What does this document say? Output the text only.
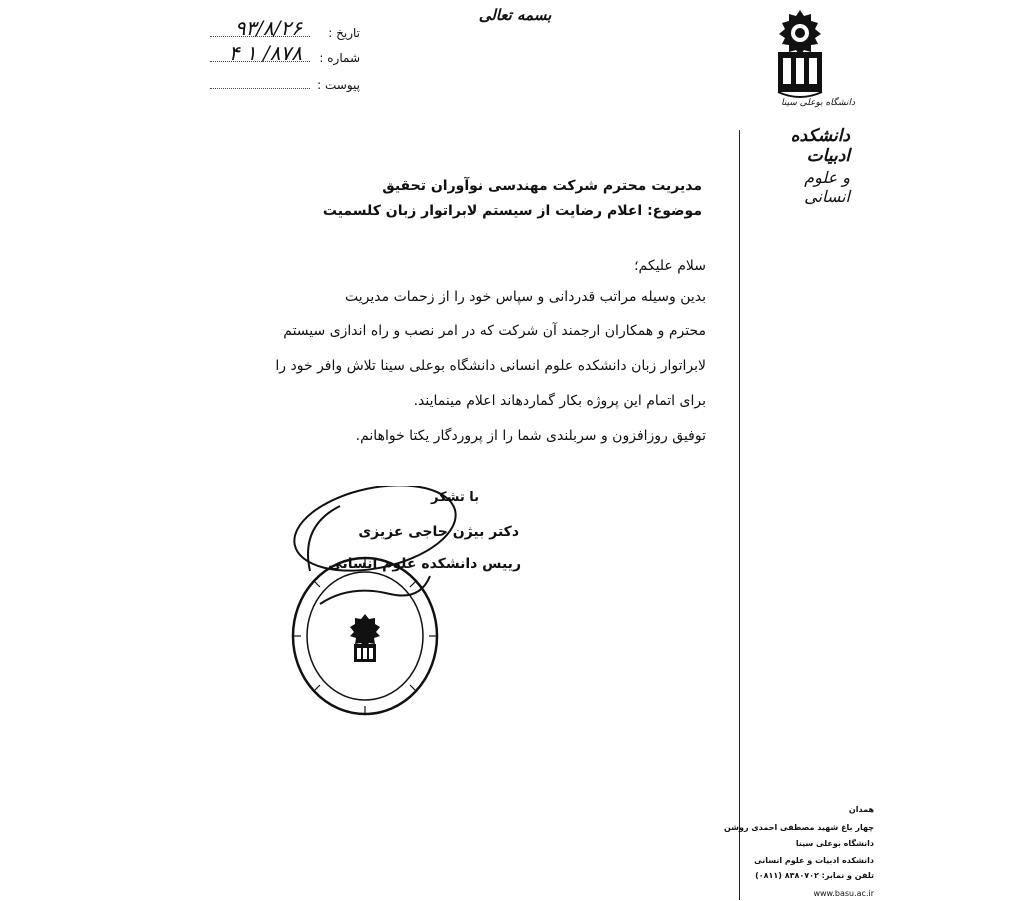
دانشگاه بوعلی سینا
دانشکده ادبیات
و علوم انسانی
بسمه تعالی
تاریخ :
۹۳/۸/۲۶
شماره :
۸۷۸/ ۱ ۴
پیوست :
مدیریت محترم شرکت مهندسی نوآوران تحقیق
موضوع: اعلام رضایت از سیستم لابراتوار زبان کلسمیت
سلام علیکم؛
بدین وسیله مراتب قدردانی و سپاس خود را از زحمات مدیریت
محترم و همکاران ارجمند آن شرکت که در امر نصب و راه اندازی سیستم
لابراتوار زبان دانشکده علوم انسانی دانشگاه بوعلی سینا تلاش وافر خود را
برای اتمام این پروژه بکار گماردهاند اعلام مینمایند.
توفیق روزافزون و سربلندی شما را از پروردگار یکتا خواهانم.
با تشکر
دکتر بیژن حاجی عزیزی
رییس دانشکده علوم انسانی
همدان
چهار باغ شهید مصطفی احمدی روشن
دانشگاه بوعلی سینا
دانشکده ادبیات و علوم انسانی
تلفن و نمابر: ۸۳۸۰۷۰۲ (۰۸۱۱)
www.basu.ac.ir
